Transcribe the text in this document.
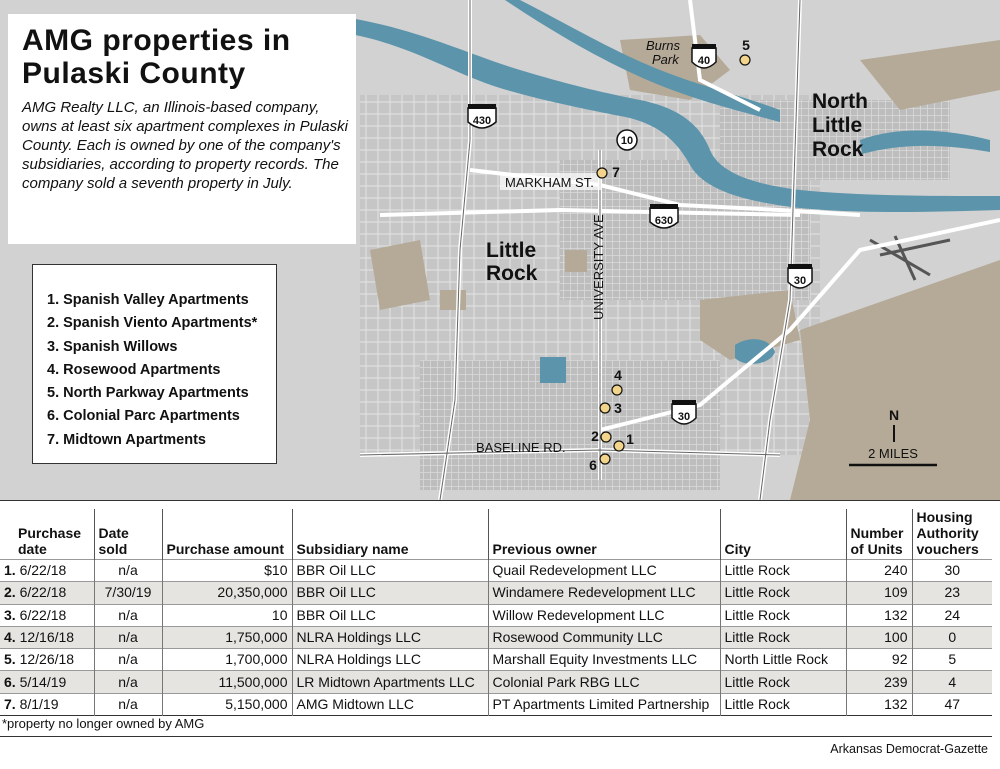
Burns
Park
North
Little
Rock
Little
Rock
MARKHAM ST.
UNIVERSITY AVE
BASELINE RD.
40
430
10
630
30
30
5
7
4
3
2 1
6
N
2 MILES
AMG properties in Pulaski County
AMG Realty LLC, an Illinois-based company, owns at least six apartment complexes in Pulaski County. Each is owned by one of the company's subsidiaries, according to property records. The company sold a seventh property in July.
1. Spanish Valley Apartments
2. Spanish Viento Apartments*
3. Spanish Willows
4. Rosewood Apartments
5. North Parkway Apartments
6. Colonial Parc Apartments
7. Midtown Apartments
Purchase date	Date sold	Purchase amount	Subsidiary name	Previous owner	City	Number of Units	Housing Authority vouchers
1. 6/22/18	n/a	$10	BBR Oil LLC	Quail Redevelopment LLC	Little Rock	240	30
2. 6/22/18	7/30/19	20,350,000	BBR Oil LLC	Windamere Redevelopment LLC	Little Rock	109	23
3. 6/22/18	n/a	10	BBR Oil LLC	Willow Redevelopment LLC	Little Rock	132	24
4. 12/16/18	n/a	1,750,000	NLRA Holdings LLC	Rosewood Community LLC	Little Rock	100	0
5. 12/26/18	n/a	1,700,000	NLRA Holdings LLC	Marshall Equity Investments LLC	North Little Rock	92	5
6. 5/14/19	n/a	11,500,000	LR Midtown Apartments LLC	Colonial Park RBG LLC	Little Rock	239	4
7. 8/1/19	n/a	5,150,000	AMG Midtown LLC	PT Apartments Limited Partnership	Little Rock	132	47
*property no longer owned by AMG
Arkansas Democrat-Gazette
